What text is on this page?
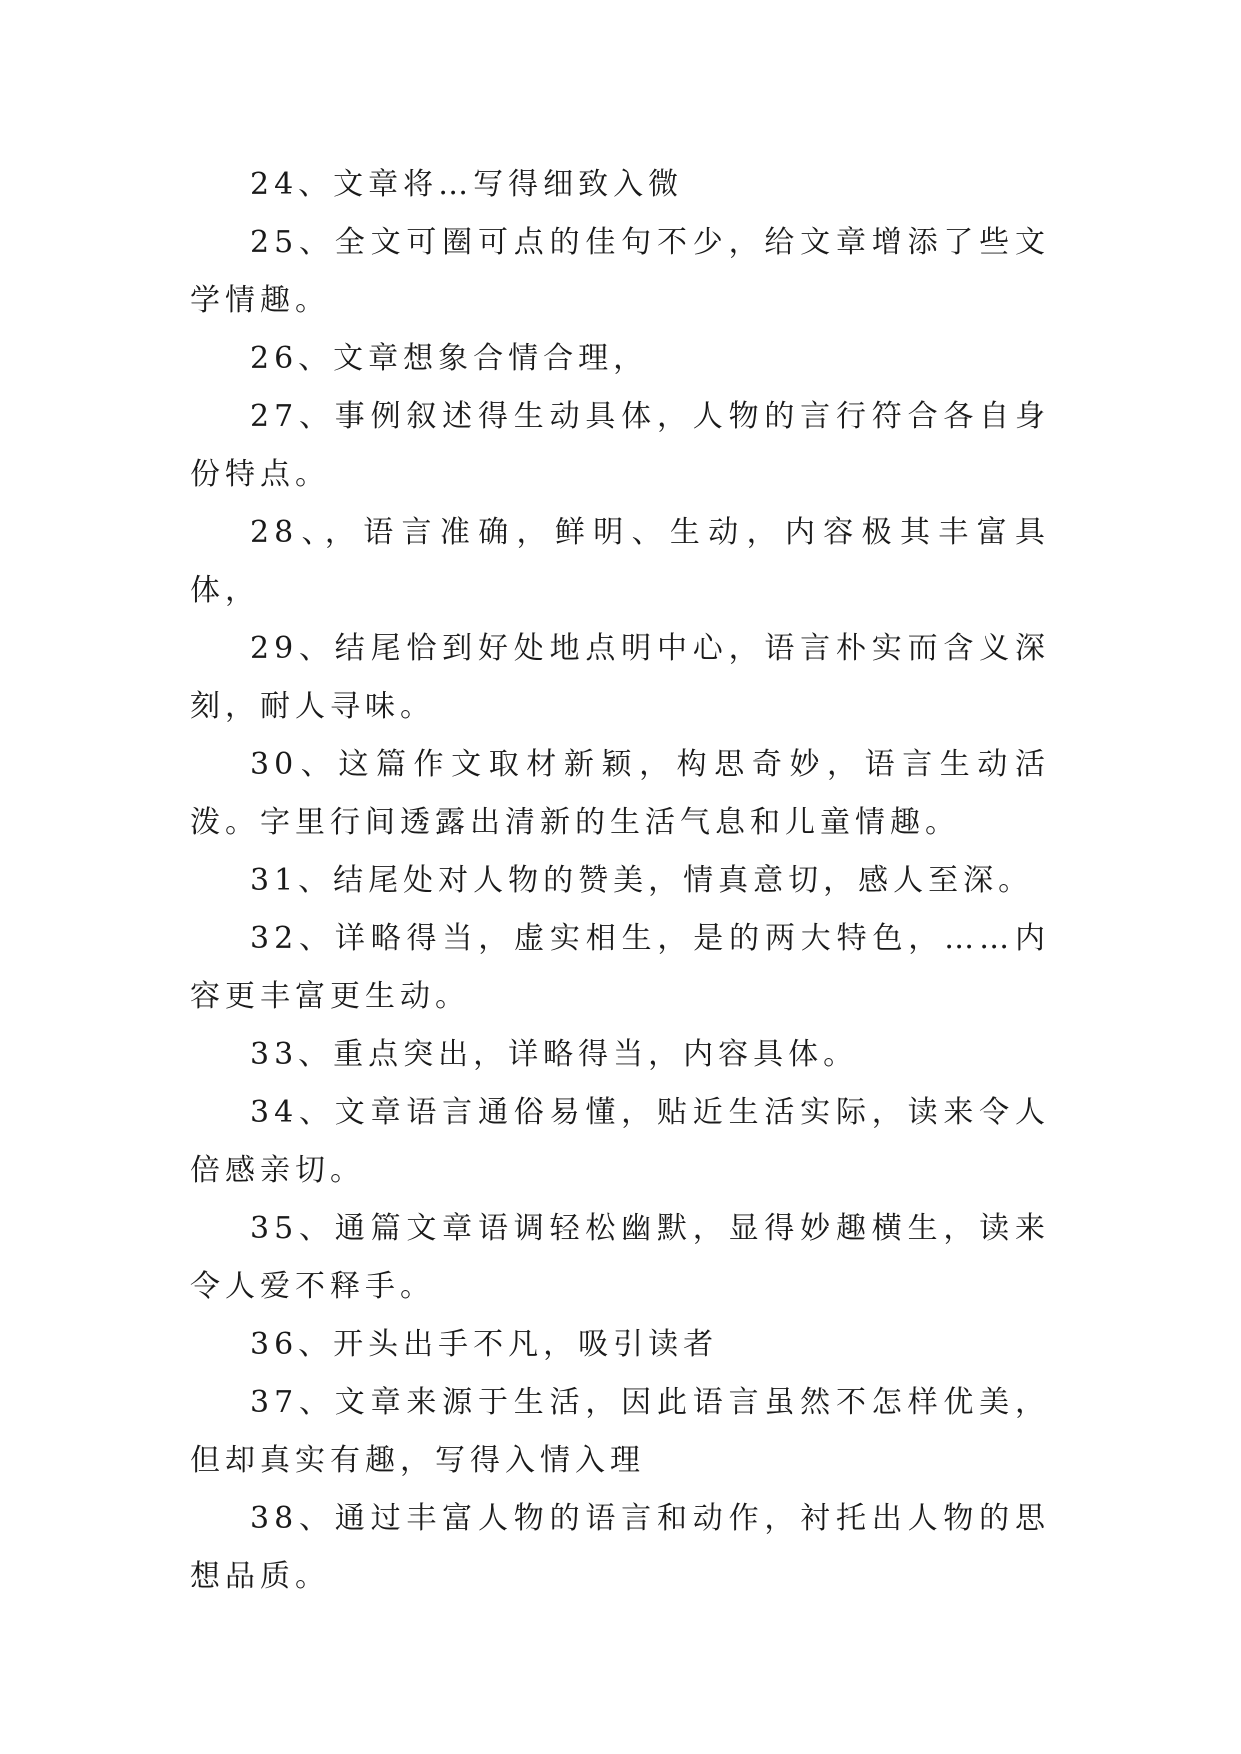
24、文章将…写得细致入微

25、全文可圈可点的佳句不少，给文章增添了些文学情趣。

26、文章想象合情合理，

27、事例叙述得生动具体，人物的言行符合各自身份特点。

28、，语言准确，鲜明、生动，内容极其丰富具体，

29、结尾恰到好处地点明中心，语言朴实而含义深刻，耐人寻味。

30、这篇作文取材新颖，构思奇妙，语言生动活泼。字里行间透露出清新的生活气息和儿童情趣。

31、结尾处对人物的赞美，情真意切，感人至深。

32、详略得当，虚实相生，是的两大特色，……内容更丰富更生动。

33、重点突出，详略得当，内容具体。

34、文章语言通俗易懂，贴近生活实际，读来令人倍感亲切。

35、通篇文章语调轻松幽默，显得妙趣横生，读来令人爱不释手。

36、开头出手不凡，吸引读者

37、文章来源于生活，因此语言虽然不怎样优美，但却真实有趣，写得入情入理

38、通过丰富人物的语言和动作，衬托出人物的思想品质。
